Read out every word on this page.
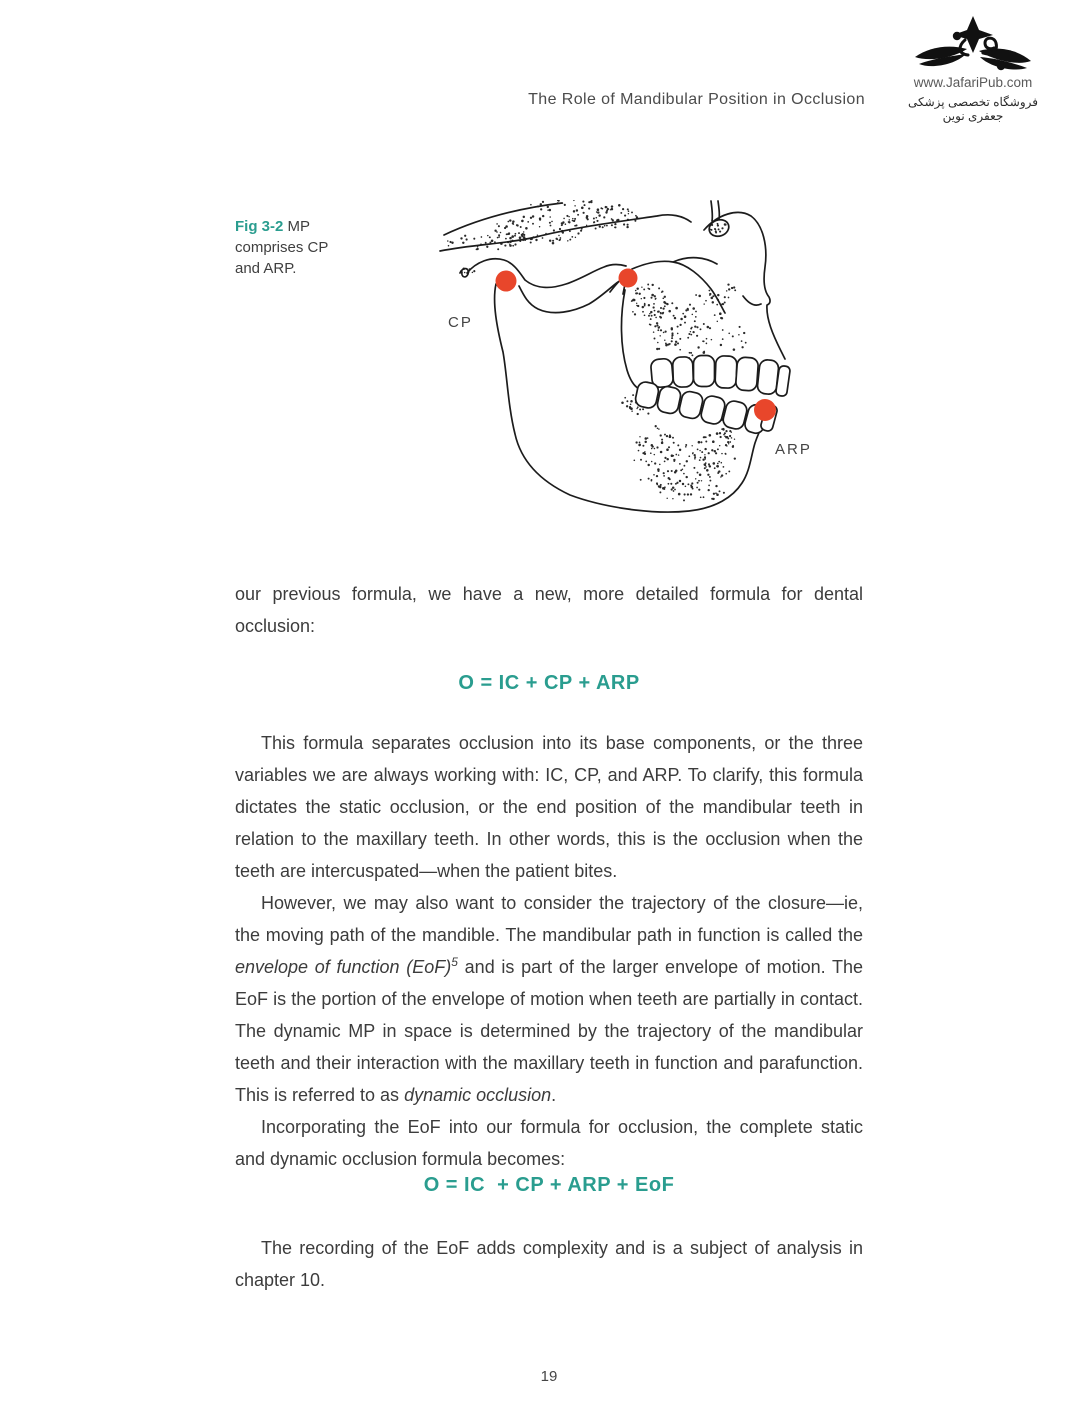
The Role of Mandibular Position in Occlusion
www.JafariPub.com
فروشگاه تخصصی پزشکی جعفری نوین
Fig 3-2 MP comprises CP and ARP.
CP
ARP
our previous formula, we have a new, more detailed formula for dental occlusion:
O = IC + CP + ARP

This formula separates occlusion into its base components, or the three variables we are always working with: IC, CP, and ARP. To clarify, this formula dictates the static occlusion, or the end position of the mandibular teeth in relation to the maxillary teeth. In other words, this is the occlusion when the teeth are intercuspated—when the patient bites.

However, we may also want to consider the trajectory of the closure—ie, the moving path of the mandible. The mandibular path in function is called the envelope of function (EoF)$^5$ and is part of the larger envelope of motion. The EoF is the portion of the envelope of motion when teeth are partially in contact. The dynamic MP in space is determined by the trajectory of the mandibular teeth and their interaction with the maxillary teeth in function and parafunction. This is referred to as dynamic occlusion.

Incorporating the EoF into our formula for occlusion, the complete static and dynamic occlusion formula becomes:

O = IC  + CP + ARP + EoF

The recording of the EoF adds complexity and is a subject of analysis in chapter 10.

19
